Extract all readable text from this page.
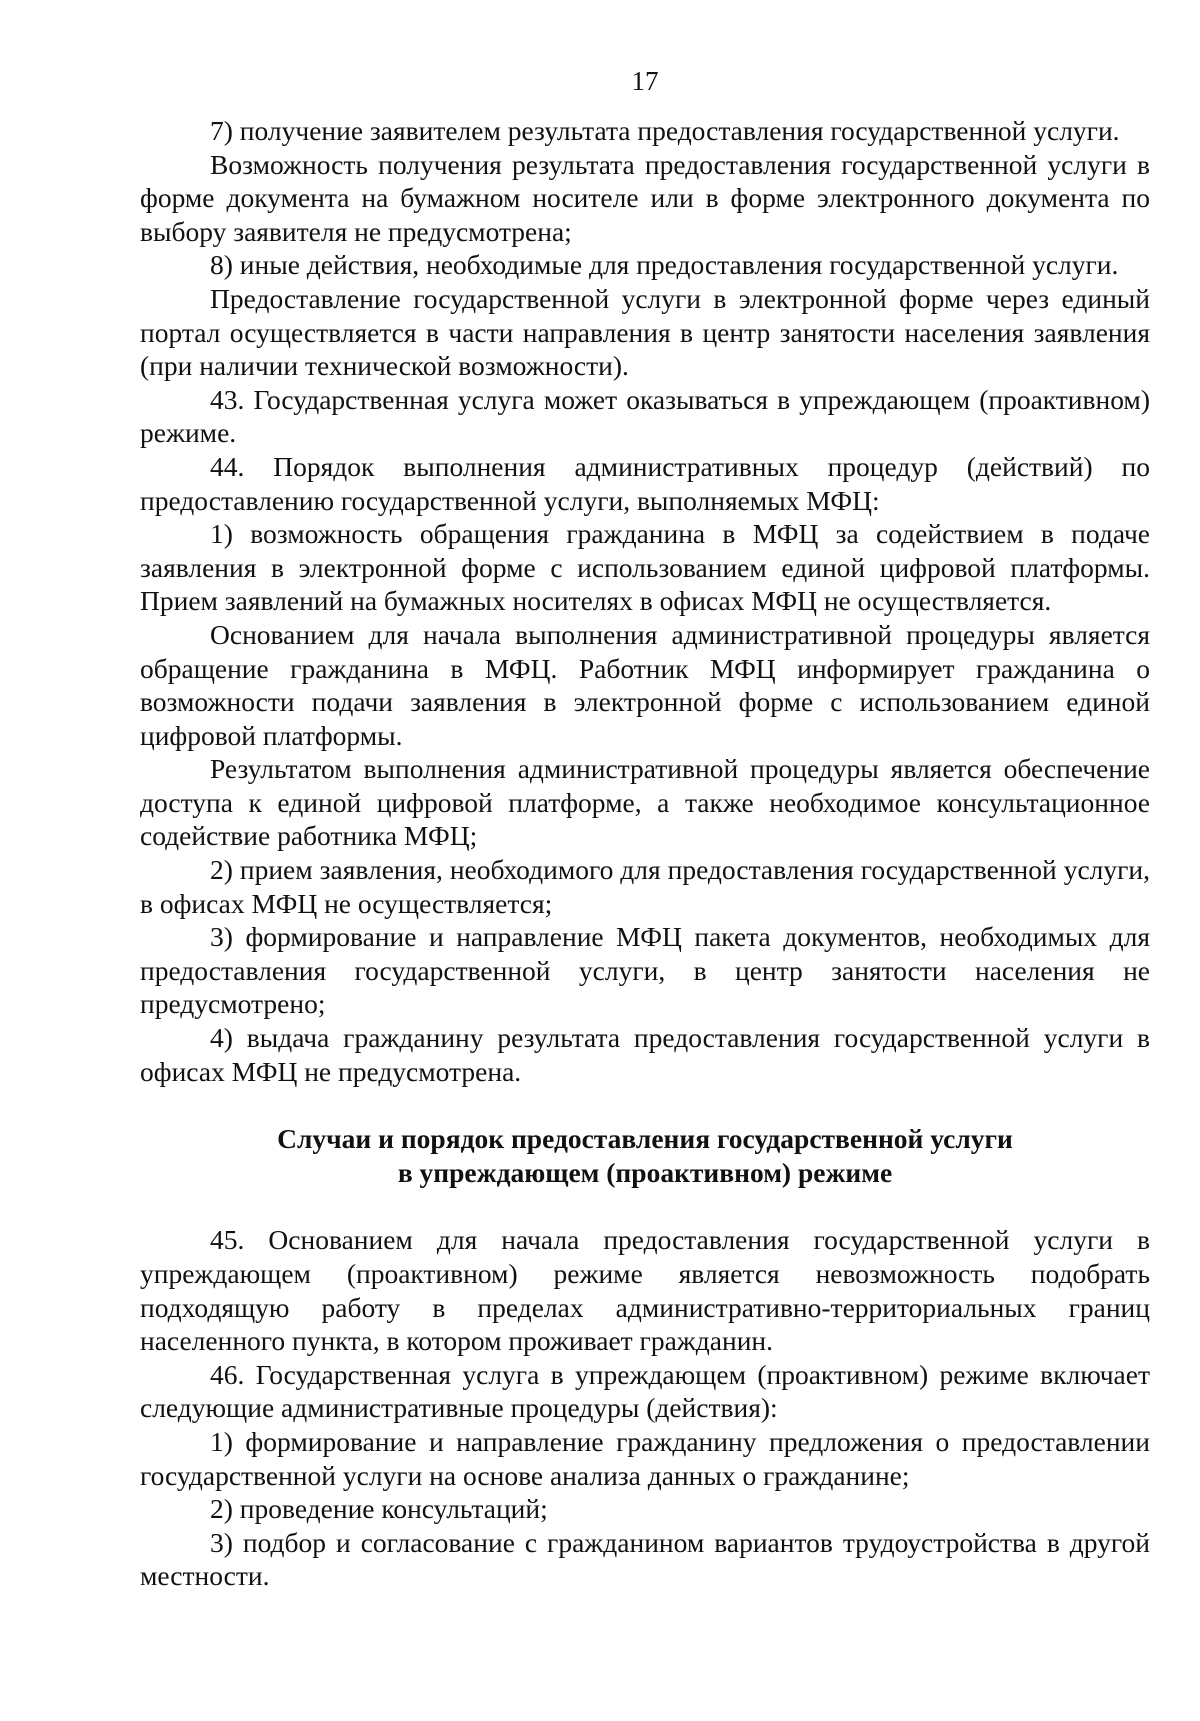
17

7) получение заявителем результата предоставления государственной услуги.

Возможность получения результата предоставления государственной услуги в форме документа на бумажном носителе или в форме электронного документа по выбору заявителя не предусмотрена;

8) иные действия, необходимые для предоставления государственной услуги.

Предоставление государственной услуги в электронной форме через единый портал осуществляется в части направления в центр занятости населения заявления (при наличии технической возможности).

43. Государственная услуга может оказываться в упреждающем (проактивном) режиме.

44. Порядок выполнения административных процедур (действий) по предоставлению государственной услуги, выполняемых МФЦ:

1) возможность обращения гражданина в МФЦ за содействием в подаче заявления в электронной форме с использованием единой цифровой платформы. Прием заявлений на бумажных носителях в офисах МФЦ не осуществляется.

Основанием для начала выполнения административной процедуры является обращение гражданина в МФЦ. Работник МФЦ информирует гражданина о возможности подачи заявления в электронной форме с использованием единой цифровой платформы.

Результатом выполнения административной процедуры является обеспечение доступа к единой цифровой платформе, а также необходимое консультационное содействие работника МФЦ;

2) прием заявления, необходимого для предоставления государственной услуги, в офисах МФЦ не осуществляется;

3) формирование и направление МФЦ пакета документов, необходимых для предоставления государственной услуги, в центр занятости населения не предусмотрено;

4) выдача гражданину результата предоставления государственной услуги в офисах МФЦ не предусмотрена.

Случаи и порядок предоставления государственной услуги
в упреждающем (проактивном) режиме

45. Основанием для начала предоставления государственной услуги в упреждающем (проактивном) режиме является невозможность подобрать подходящую работу в пределах административно-территориальных границ населенного пункта, в котором проживает гражданин.

46. Государственная услуга в упреждающем (проактивном) режиме включает следующие административные процедуры (действия):

1) формирование и направление гражданину предложения о предоставлении государственной услуги на основе анализа данных о гражданине;

2) проведение консультаций;

3) подбор и согласование с гражданином вариантов трудоустройства в другой местности.
